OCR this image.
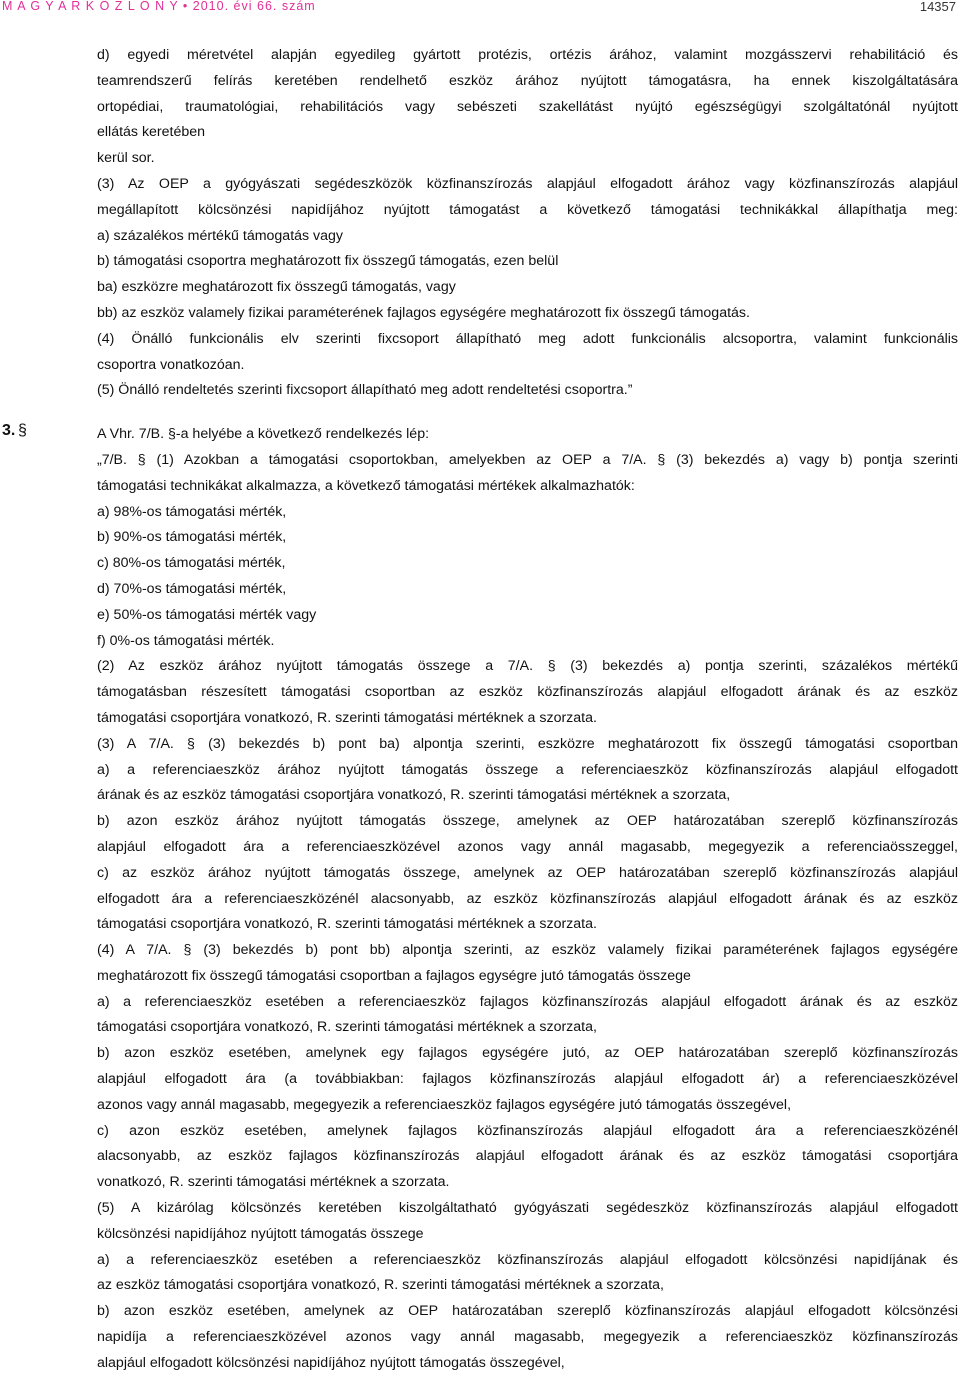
M A G Y A R K Ö Z L Ö N Y • 2010. évi 66. szám	14357

d) egyedi méretvétel alapján egyedileg gyártott protézis, ortézis árához, valamint mozgásszervi rehabilitáció és

teamrendszerű felírás keretében rendelhető eszköz árához nyújtott támogatásra, ha ennek kiszolgáltatására

ortopédiai, traumatológiai, rehabilitációs vagy sebészeti szakellátást nyújtó egészségügyi szolgáltatónál nyújtott

ellátás keretében

kerül sor.

(3) Az OEP a gyógyászati segédeszközök közfinanszírozás alapjául elfogadott árához vagy közfinanszírozás alapjául

megállapított kölcsönzési napidíjához nyújtott támogatást a következő támogatási technikákkal állapíthatja meg:

a) százalékos mértékű támogatás vagy

b) támogatási csoportra meghatározott fix összegű támogatás, ezen belül

ba) eszközre meghatározott fix összegű támogatás, vagy

bb) az eszköz valamely fizikai paraméterének fajlagos egységére meghatározott fix összegű támogatás.

(4) Önálló funkcionális elv szerinti fixcsoport állapítható meg adott funkcionális alcsoportra, valamint funkcionális

csoportra vonatkozóan.

(5) Önálló rendeltetés szerinti fixcsoport állapítható meg adott rendeltetési csoportra.”

3. §	A Vhr. 7/B. §-a helyébe a következő rendelkezés lép:

„7/B. § (1) Azokban a támogatási csoportokban, amelyekben az OEP a 7/A. § (3) bekezdés a) vagy b) pontja szerinti

támogatási technikákat alkalmazza, a következő támogatási mértékek alkalmazhatók:

a) 98%-os támogatási mérték,

b) 90%-os támogatási mérték,

c) 80%-os támogatási mérték,

d) 70%-os támogatási mérték,

e) 50%-os támogatási mérték vagy

f) 0%-os támogatási mérték.

(2) Az eszköz árához nyújtott támogatás összege a 7/A. § (3) bekezdés a) pontja szerinti, százalékos mértékű

támogatásban részesített támogatási csoportban az eszköz közfinanszírozás alapjául elfogadott árának és az eszköz

támogatási csoportjára vonatkozó, R. szerinti támogatási mértéknek a szorzata.

(3) A 7/A. § (3) bekezdés b) pont ba) alpontja szerinti, eszközre meghatározott fix összegű támogatási csoportban

a) a referenciaeszköz árához nyújtott támogatás összege a referenciaeszköz közfinanszírozás alapjául elfogadott

árának és az eszköz támogatási csoportjára vonatkozó, R. szerinti támogatási mértéknek a szorzata,

b) azon eszköz árához nyújtott támogatás összege, amelynek az OEP határozatában szereplő közfinanszírozás

alapjául elfogadott ára a referenciaeszközével azonos vagy annál magasabb, megegyezik a referenciaösszeggel,

c) az eszköz árához nyújtott támogatás összege, amelynek az OEP határozatában szereplő közfinanszírozás alapjául

elfogadott ára a referenciaeszközénél alacsonyabb, az eszköz közfinanszírozás alapjául elfogadott árának és az eszköz

támogatási csoportjára vonatkozó, R. szerinti támogatási mértéknek a szorzata.

(4) A 7/A. § (3) bekezdés b) pont bb) alpontja szerinti, az eszköz valamely fizikai paraméterének fajlagos egységére

meghatározott fix összegű támogatási csoportban a fajlagos egységre jutó támogatás összege

a) a referenciaeszköz esetében a referenciaeszköz fajlagos közfinanszírozás alapjául elfogadott árának és az eszköz

támogatási csoportjára vonatkozó, R. szerinti támogatási mértéknek a szorzata,

b) azon eszköz esetében, amelynek egy fajlagos egységére jutó, az OEP határozatában szereplő közfinanszírozás

alapjául elfogadott ára (a továbbiakban: fajlagos közfinanszírozás alapjául elfogadott ár) a referenciaeszközével

azonos vagy annál magasabb, megegyezik a referenciaeszköz fajlagos egységére jutó támogatás összegével,

c) azon eszköz esetében, amelynek fajlagos közfinanszírozás alapjául elfogadott ára a referenciaeszközénél

alacsonyabb, az eszköz fajlagos közfinanszírozás alapjául elfogadott árának és az eszköz támogatási csoportjára

vonatkozó, R. szerinti támogatási mértéknek a szorzata.

(5) A kizárólag kölcsönzés keretében kiszolgáltatható gyógyászati segédeszköz közfinanszírozás alapjául elfogadott

kölcsönzési napidíjához nyújtott támogatás összege

a) a referenciaeszköz esetében a referenciaeszköz közfinanszírozás alapjául elfogadott kölcsönzési napidíjának és

az eszköz támogatási csoportjára vonatkozó, R. szerinti támogatási mértéknek a szorzata,

b) azon eszköz esetében, amelynek az OEP határozatában szereplő közfinanszírozás alapjául elfogadott kölcsönzési

napidíja a referenciaeszközével azonos vagy annál magasabb, megegyezik a referenciaeszköz közfinanszírozás

alapjául elfogadott kölcsönzési napidíjához nyújtott támogatás összegével,
